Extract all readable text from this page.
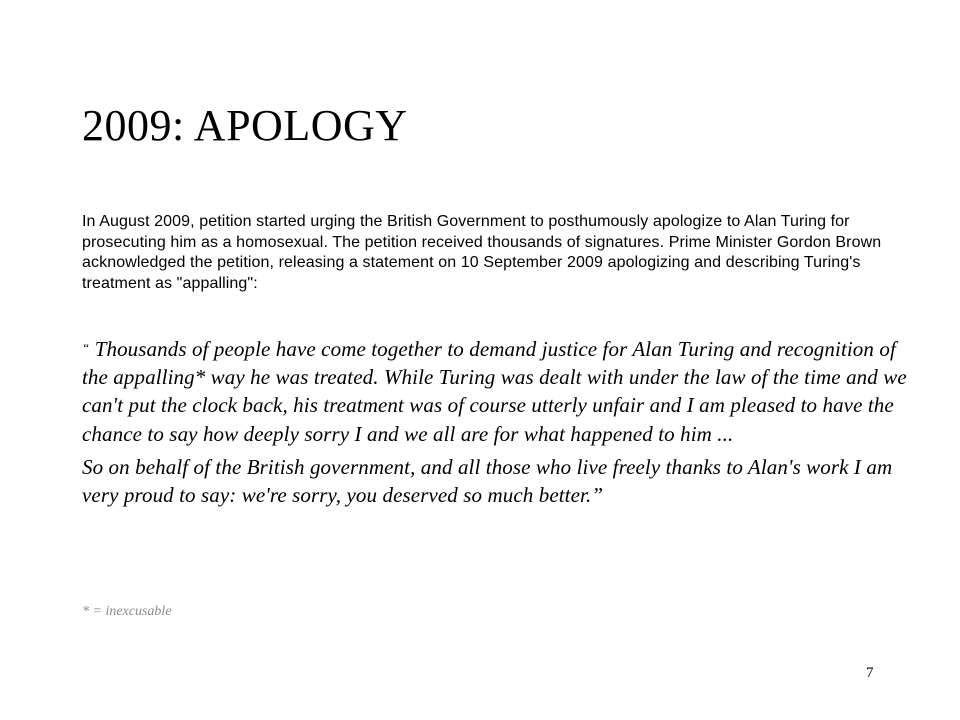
2009: APOLOGY

In August 2009, petition started urging the British Government to posthumously apologize to Alan Turing for prosecuting him as a homosexual. The petition received thousands of signatures. Prime Minister Gordon Brown acknowledged the petition, releasing a statement on 10 September 2009 apologizing and describing Turing's treatment as "appalling":

“ Thousands of people have come together to demand justice for Alan Turing and recognition of the appalling* way he was treated. While Turing was dealt with under the law of the time and we can't put the clock back, his treatment was of course utterly unfair and I am pleased to have the chance to say how deeply sorry I and we all are for what happened to him ...

So on behalf of the British government, and all those who live freely thanks to Alan's work I am very proud to say: we're sorry, you deserved so much better.”

* = inexcusable

7
